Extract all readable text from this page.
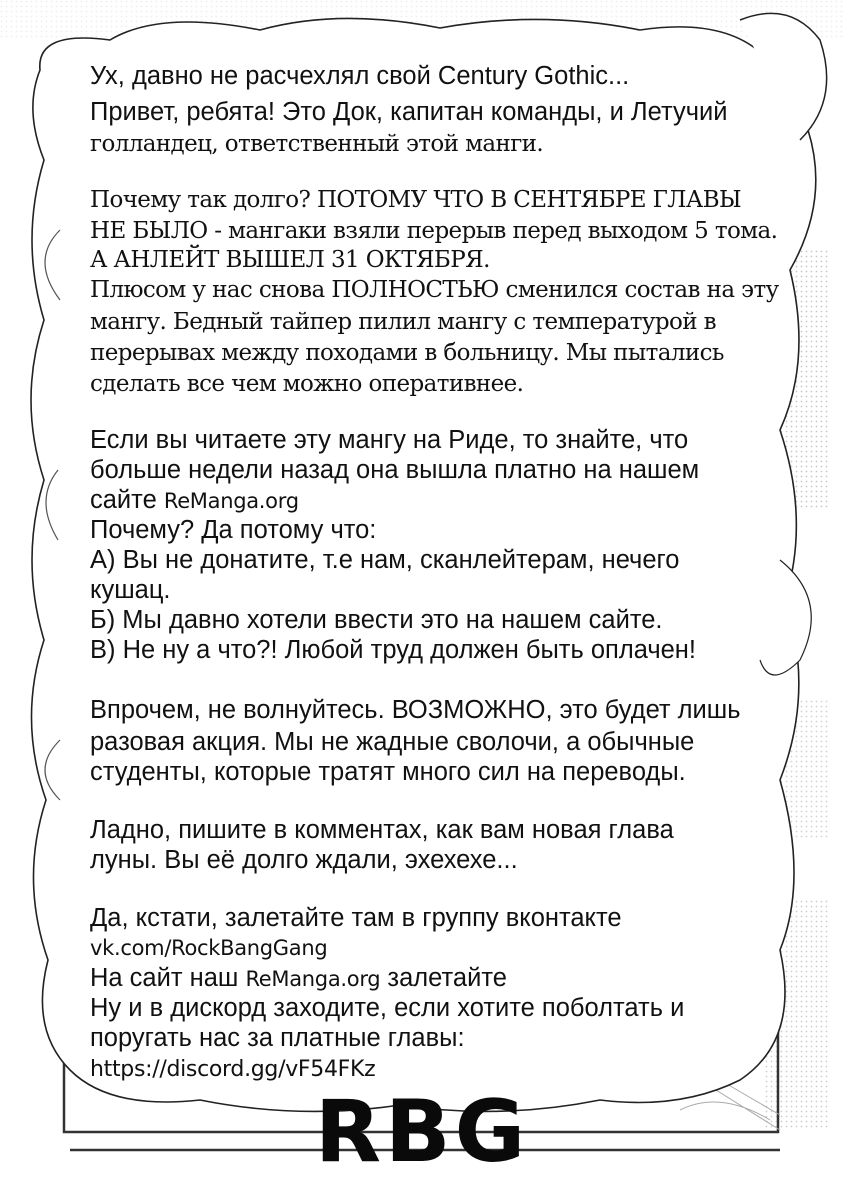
Ух, давно не расчехлял свой Century Gothic...
Привет, ребята! Это Док, капитан команды, и Летучий
голландец, ответственный этой манги.
Почему так долго? ПОТОМУ ЧТО В СЕНТЯБРЕ ГЛАВЫ
НЕ БЫЛО - мангаки взяли перерыв перед выходом 5 тома.
А АНЛЕЙТ ВЫШЕЛ 31 ОКТЯБРЯ.
Плюсом у нас снова ПОЛНОСТЬЮ сменился состав на эту
мангу. Бедный тайпер пилил мангу с температурой в
перерывах между походами в больницу. Мы пытались
сделать все чем можно оперативнее.
Если вы читаете эту мангу на Риде, то знайте, что
больше недели назад она вышла платно на нашем
сайте ReManga.org
Почему? Да потому что:
А) Вы не донатите, т.е нам, сканлейтерам, нечего
кушац.
Б) Мы давно хотели ввести это на нашем сайте.
В) Не ну а что?! Любой труд должен быть оплачен!
Впрочем, не волнуйтесь. ВОЗМОЖНО, это будет лишь
разовая акция. Мы не жадные сволочи, а обычные
студенты, которые тратят много сил на переводы.
Ладно, пишите в комментах, как вам новая глава
луны. Вы её долго ждали, эхехехе...
Да, кстати, залетайте там в группу вконтакте
vk.com/RockBangGang
На сайт наш ReManga.org залетайте
Ну и в дискорд заходите, если хотите поболтать и
поругать нас за платные главы:
https://discord.gg/vF54FKz
RBG
